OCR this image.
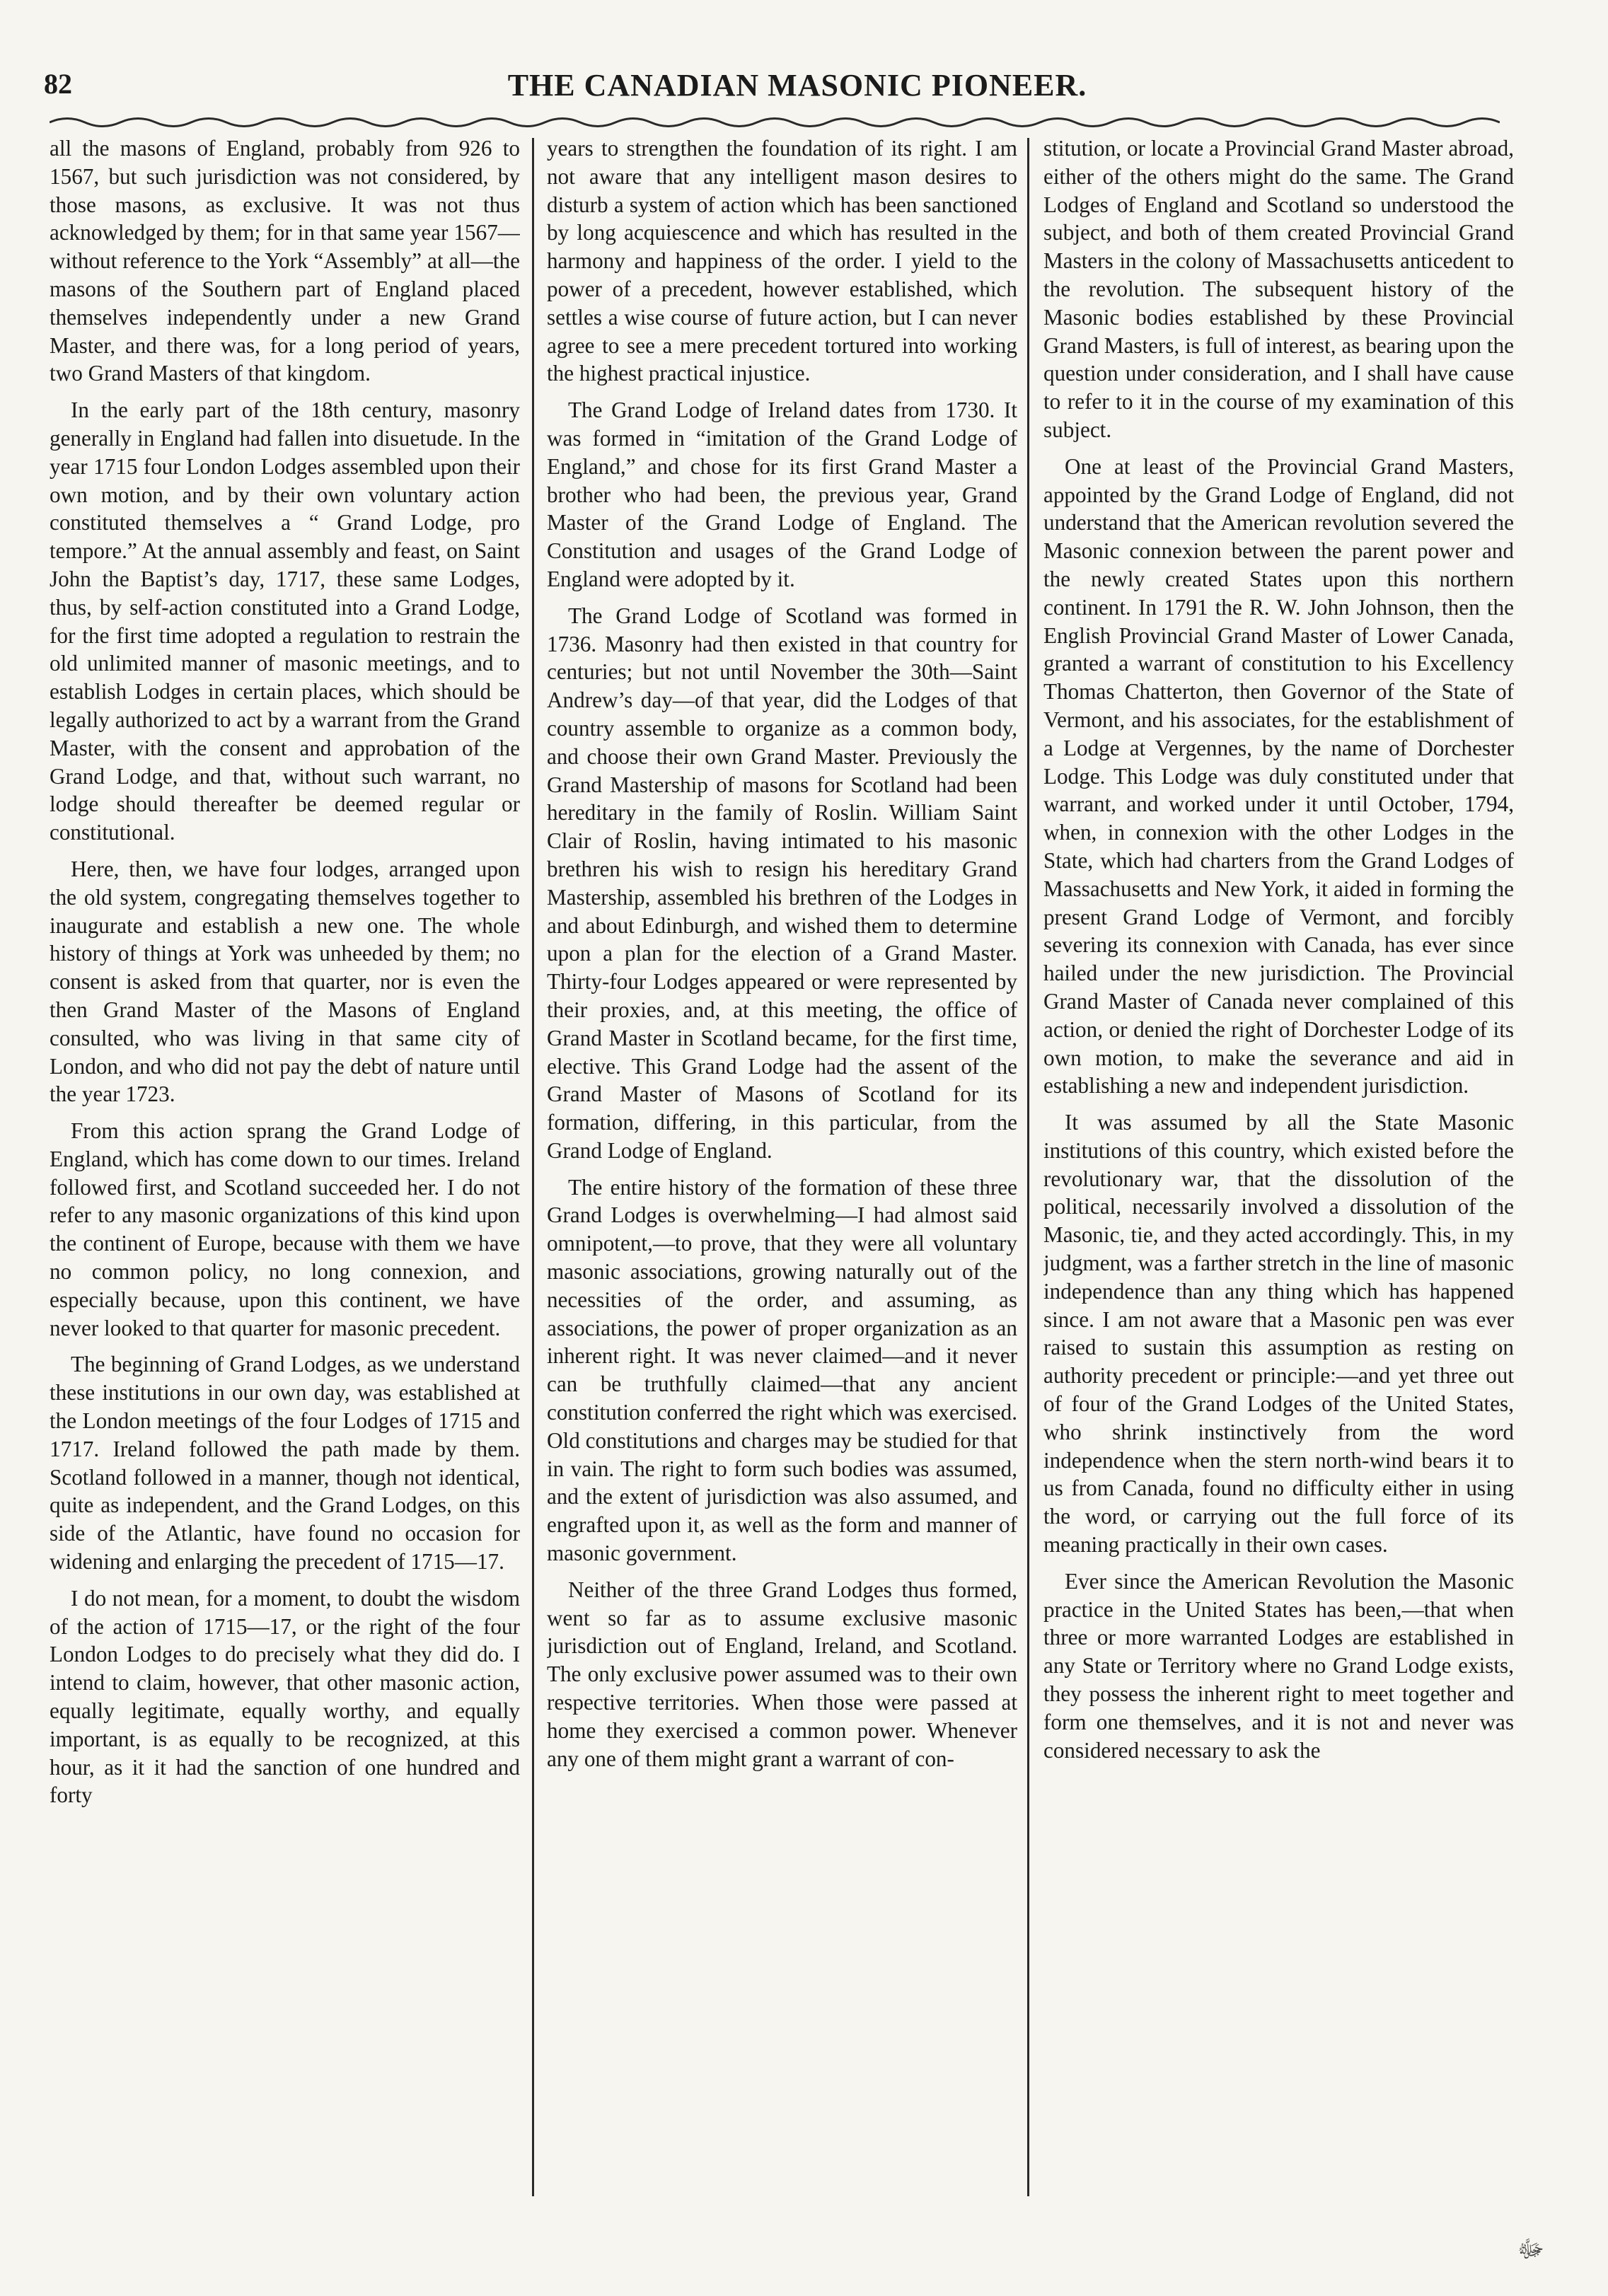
82	THE CANADIAN MASONIC PIONEER.

all the masons of England, probably from 926 to 1567, but such jurisdiction was not considered, by those masons, as exclusive. It was not thus acknowledged by them; for in that same year 1567—without reference to the York “Assembly” at all—the masons of the Southern part of England placed themselves independently under a new Grand Master, and there was, for a long period of years, two Grand Masters of that kingdom.

In the early part of the 18th century, masonry generally in England had fallen into disuetude. In the year 1715 four London Lodges assembled upon their own motion, and by their own voluntary action constituted themselves a “ Grand Lodge, pro tempore.” At the annual assembly and feast, on Saint John the Baptist’s day, 1717, these same Lodges, thus, by self-action constituted into a Grand Lodge, for the first time adopted a regulation to restrain the old unlimited manner of masonic meetings, and to establish Lodges in certain places, which should be legally authorized to act by a warrant from the Grand Master, with the consent and approbation of the Grand Lodge, and that, without such warrant, no lodge should thereafter be deemed regular or constitutional.

Here, then, we have four lodges, arranged upon the old system, congregating themselves together to inaugurate and establish a new one. The whole history of things at York was unheeded by them; no consent is asked from that quarter, nor is even the then Grand Master of the Masons of England consulted, who was living in that same city of London, and who did not pay the debt of nature until the year 1723.

From this action sprang the Grand Lodge of England, which has come down to our times. Ireland followed first, and Scotland succeeded her. I do not refer to any masonic organizations of this kind upon the continent of Europe, because with them we have no common policy, no long connexion, and especially because, upon this continent, we have never looked to that quarter for masonic precedent.

The beginning of Grand Lodges, as we understand these institutions in our own day, was established at the London meetings of the four Lodges of 1715 and 1717. Ireland followed the path made by them. Scotland followed in a manner, though not identical, quite as independent, and the Grand Lodges, on this side of the Atlantic, have found no occasion for widening and enlarging the precedent of 1715—17.

I do not mean, for a moment, to doubt the wisdom of the action of 1715—17, or the right of the four London Lodges to do precisely what they did do. I intend to claim, however, that other masonic action, equally legitimate, equally worthy, and equally important, is as equally to be recognized, at this hour, as it it had the sanction of one hundred and forty

years to strengthen the foundation of its right. I am not aware that any intelligent mason desires to disturb a system of action which has been sanctioned by long acquiescence and which has resulted in the harmony and happiness of the order. I yield to the power of a precedent, however established, which settles a wise course of future action, but I can never agree to see a mere precedent tortured into working the highest practical injustice.

The Grand Lodge of Ireland dates from 1730. It was formed in “imitation of the Grand Lodge of England,” and chose for its first Grand Master a brother who had been, the previous year, Grand Master of the Grand Lodge of England. The Constitution and usages of the Grand Lodge of England were adopted by it.

The Grand Lodge of Scotland was formed in 1736. Masonry had then existed in that country for centuries; but not until November the 30th—Saint Andrew’s day—of that year, did the Lodges of that country assemble to organize as a common body, and choose their own Grand Master. Previously the Grand Mastership of masons for Scotland had been hereditary in the family of Roslin. William Saint Clair of Roslin, having intimated to his masonic brethren his wish to resign his hereditary Grand Mastership, assembled his brethren of the Lodges in and about Edinburgh, and wished them to determine upon a plan for the election of a Grand Master. Thirty-four Lodges appeared or were represented by their proxies, and, at this meeting, the office of Grand Master in Scotland became, for the first time, elective. This Grand Lodge had the assent of the Grand Master of Masons of Scotland for its formation, differing, in this particular, from the Grand Lodge of England.

The entire history of the formation of these three Grand Lodges is overwhelming—I had almost said omnipotent,—to prove, that they were all voluntary masonic associations, growing naturally out of the necessities of the order, and assuming, as associations, the power of proper organization as an inherent right. It was never claimed—and it never can be truthfully claimed—that any ancient constitution conferred the right which was exercised. Old constitutions and charges may be studied for that in vain. The right to form such bodies was assumed, and the extent of jurisdiction was also assumed, and engrafted upon it, as well as the form and manner of masonic government.

Neither of the three Grand Lodges thus formed, went so far as to assume exclusive masonic jurisdiction out of England, Ireland, and Scotland. The only exclusive power assumed was to their own respective territories. When those were passed at home they exercised a common power. Whenever any one of them might grant a warrant of con-

stitution, or locate a Provincial Grand Master abroad, either of the others might do the same. The Grand Lodges of England and Scotland so understood the subject, and both of them created Provincial Grand Masters in the colony of Massachusetts anticedent to the revolution. The subsequent history of the Masonic bodies established by these Provincial Grand Masters, is full of interest, as bearing upon the question under consideration, and I shall have cause to refer to it in the course of my examination of this subject.

One at least of the Provincial Grand Masters, appointed by the Grand Lodge of England, did not understand that the American revolution severed the Masonic connexion between the parent power and the newly created States upon this northern continent. In 1791 the R. W. John Johnson, then the English Provincial Grand Master of Lower Canada, granted a warrant of constitution to his Excellency Thomas Chatterton, then Governor of the State of Vermont, and his associates, for the establishment of a Lodge at Vergennes, by the name of Dorchester Lodge. This Lodge was duly constituted under that warrant, and worked under it until October, 1794, when, in connexion with the other Lodges in the State, which had charters from the Grand Lodges of Massachusetts and New York, it aided in forming the present Grand Lodge of Vermont, and forcibly severing its connexion with Canada, has ever since hailed under the new jurisdiction. The Provincial Grand Master of Canada never complained of this action, or denied the right of Dorchester Lodge of its own motion, to make the severance and aid in establishing a new and independent jurisdiction.

It was assumed by all the State Masonic institutions of this country, which existed before the revolutionary war, that the dissolution of the political, necessarily involved a dissolution of the Masonic, tie, and they acted accordingly. This, in my judgment, was a farther stretch in the line of masonic independence than any thing which has happened since. I am not aware that a Masonic pen was ever raised to sustain this assumption as resting on authority precedent or principle:—and yet three out of four of the Grand Lodges of the United States, who shrink instinctively from the word independence when the stern north-wind bears it to us from Canada, found no difficulty either in using the word, or carrying out the full force of its meaning practically in their own cases.

Ever since the American Revolution the Masonic practice in the United States has been,—that when three or more warranted Lodges are established in any State or Territory where no Grand Lodge exists, they possess the inherent right to meet together and form one themselves, and it is not and never was considered necessary to ask the

ﷻ
